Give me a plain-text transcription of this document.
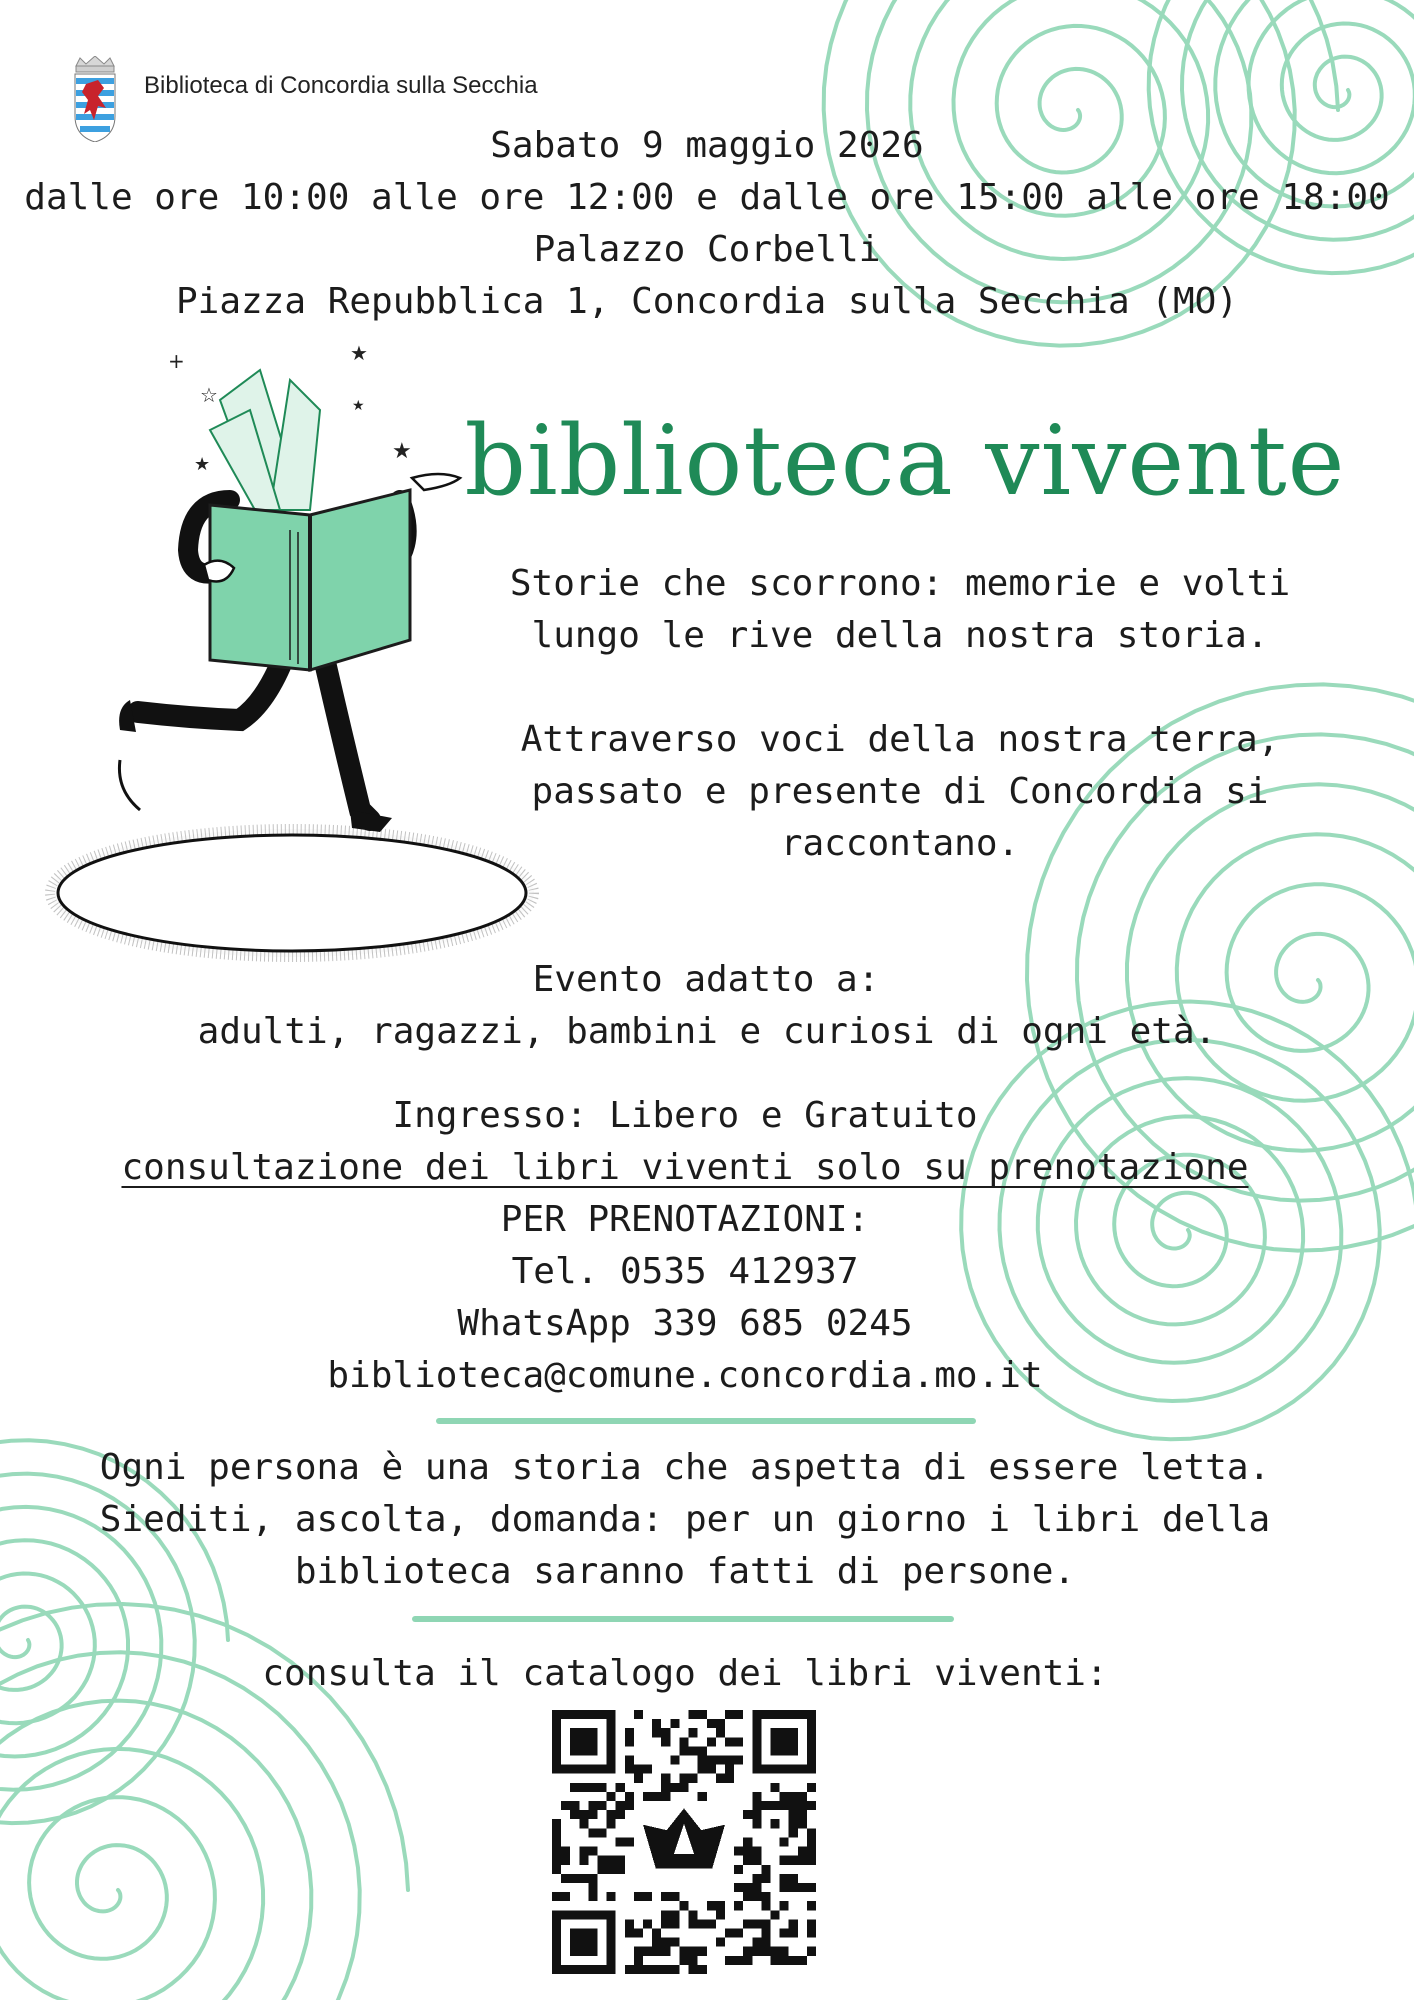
Biblioteca di Concordia sulla Secchia
Sabato 9 maggio 2026
dalle ore 10:00 alle ore 12:00 e dalle ore 15:00 alle ore 18:00
Palazzo Corbelli
Piazza Repubblica 1, Concordia sulla Secchia (MO)
+	★
☆	★
★
★	biblioteca vivente
Storie che scorrono: memorie e volti
lungo le rive della nostra storia.
Attraverso voci della nostra terra,
passato e presente di Concordia si
raccontano.
Evento adatto a:
adulti, ragazzi, bambini e curiosi di ogni età.
Ingresso: Libero e Gratuito
consultazione dei libri viventi solo su prenotazione
PER PRENOTAZIONI:
Tel. 0535 412937
WhatsApp 339 685 0245
biblioteca@comune.concordia.mo.it
Ogni persona è una storia che aspetta di essere letta.
Siediti, ascolta, domanda: per un giorno i libri della
biblioteca saranno fatti di persone.
consulta il catalogo dei libri viventi:
